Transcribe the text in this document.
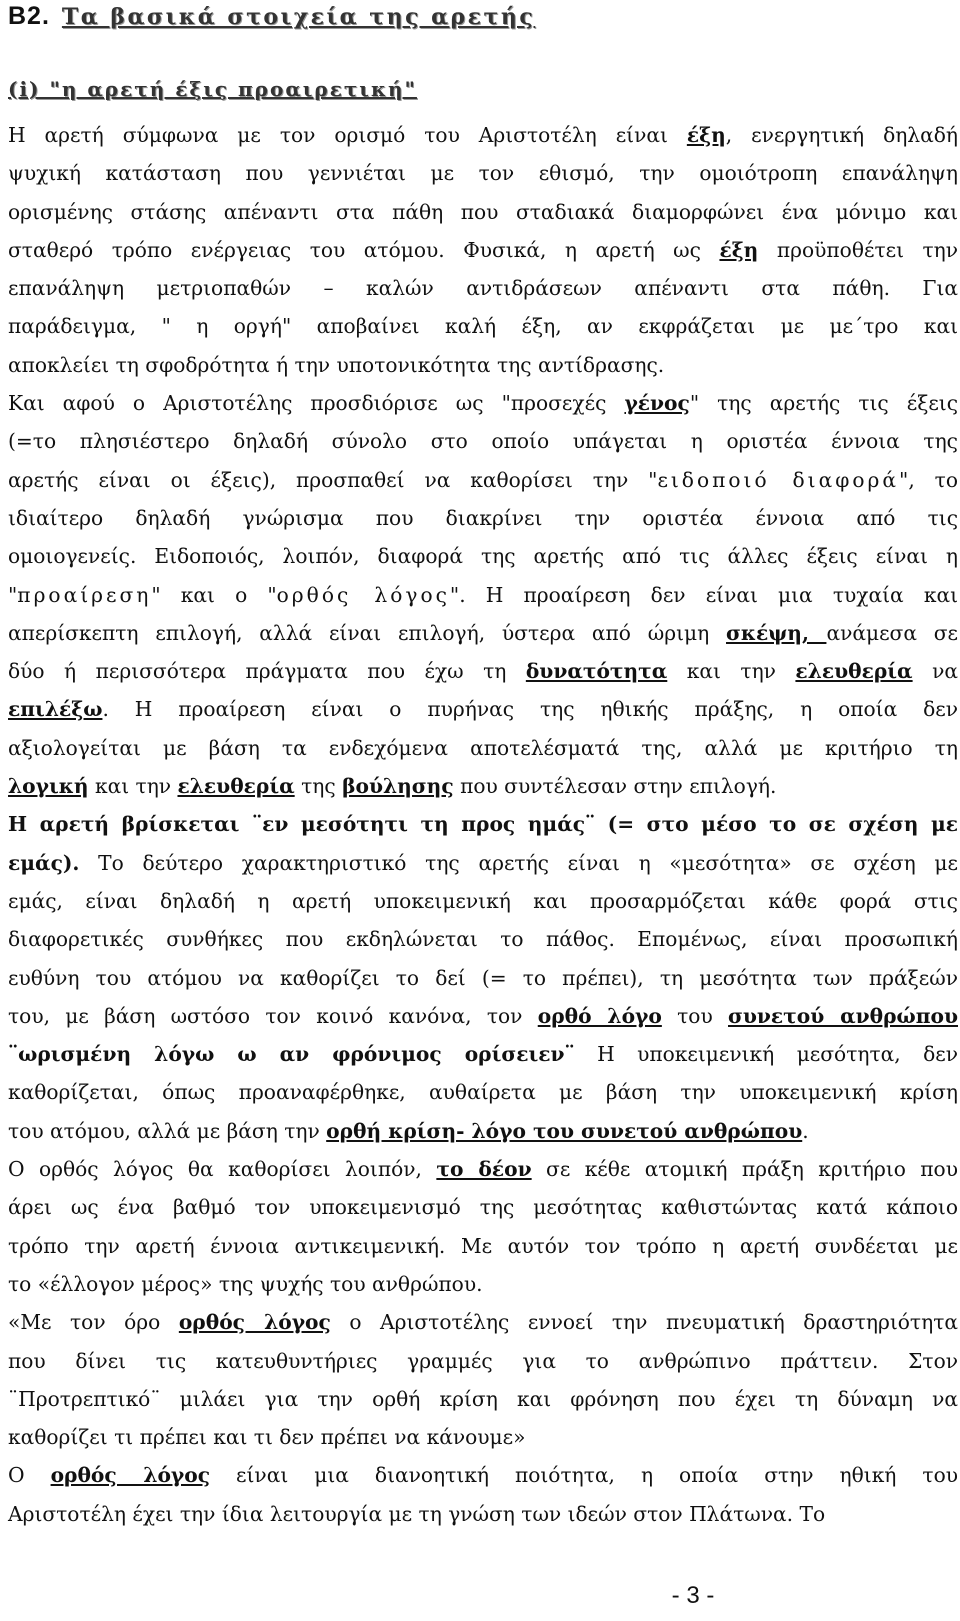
B2. Τα βασικά στοιχεία της αρετής
(i) "η αρετή έξις προαιρετική"
Η αρετή σύμφωνα με τον ορισμό του Αριστοτέλη είναι έξη, ενεργητική δηλαδή
ψυχική κατάσταση που γεννιέται με τον εθισμό, την ομοιότροπη επανάληψη
ορισμένης στάσης απέναντι στα πάθη που σταδιακά διαμορφώνει ένα μόνιμο και
σταθερό τρόπο ενέργειας του ατόμου. Φυσικά, η αρετή ως έξη προϋποθέτει την
επανάληψη μετριοπαθών – καλών αντιδράσεων απέναντι στα πάθη. Για
παράδειγμα, " η οργή" αποβαίνει καλή έξη, αν εκφράζεται με με΄τρο και
αποκλείει τη σφοδρότητα ή την υποτονικότητα της αντίδρασης.
Και αφού ο Αριστοτέλης προσδιόρισε ως "προσεχές γένος" της αρετής τις έξεις
(=το πλησιέστερο δηλαδή σύνολο στο οποίο υπάγεται η οριστέα έννοια της
αρετής είναι οι έξεις), προσπαθεί να καθορίσει την "ειδοποιό διαφορά", το
ιδιαίτερο δηλαδή γνώρισμα που διακρίνει την οριστέα έννοια από τις
ομοιογενείς. Ειδοποιός, λοιπόν, διαφορά της αρετής από τις άλλες έξεις είναι η
"προαίρεση" και ο "ορθός λόγος". Η προαίρεση δεν είναι μια τυχαία και
απερίσκεπτη επιλογή, αλλά είναι επιλογή, ύστερα από ώριμη σκέψη, ανάμεσα σε
δύο ή περισσότερα πράγματα που έχω τη δυνατότητα και την ελευθερία να
επιλέξω. Η προαίρεση είναι ο πυρήνας της ηθικής πράξης, η οποία δεν
αξιολογείται με βάση τα ενδεχόμενα αποτελέσματά της, αλλά με κριτήριο τη
λογική και την ελευθερία της βούλησης που συντέλεσαν στην επιλογή.
Η αρετή βρίσκεται ¨εν μεσότητι τη προς ημάς¨ (= στο μέσο το σε σχέση με
εμάς). Το δεύτερο χαρακτηριστικό της αρετής είναι η «μεσότητα» σε σχέση με
εμάς, είναι δηλαδή η αρετή υποκειμενική και προσαρμόζεται κάθε φορά στις
διαφορετικές συνθήκες που εκδηλώνεται το πάθος. Επομένως, είναι προσωπική
ευθύνη του ατόμου να καθορίζει το δεί (= το πρέπει), τη μεσότητα των πράξεών
του, με βάση ωστόσο τον κοινό κανόνα, τον ορθό λόγο του συνετού ανθρώπου
¨ωρισμένη λόγω ω αν φρόνιμος ορίσειεν¨ Η υποκειμενική μεσότητα, δεν
καθορίζεται, όπως προαναφέρθηκε, αυθαίρετα με βάση την υποκειμενική κρίση
του ατόμου, αλλά με βάση την ορθή κρίση- λόγο του συνετού ανθρώπου.
Ο ορθός λόγος θα καθορίσει λοιπόν, το δέον σε κέθε ατομική πράξη κριτήριο που
άρει ως ένα βαθμό τον υποκειμενισμό της μεσότητας καθιστώντας κατά κάποιο
τρόπο την αρετή έννοια αντικειμενική. Με αυτόν τον τρόπο η αρετή συνδέεται με
το «έλλογον μέρος» της ψυχής του ανθρώπου.
«Με τον όρο ορθός λόγος ο Αριστοτέλης εννοεί την πνευματική δραστηριότητα
που δίνει τις κατευθυντήριες γραμμές για το ανθρώπινο πράττειν. Στον
¨Προτρεπτικό¨ μιλάει για την ορθή κρίση και φρόνηση που έχει τη δύναμη να
καθορίζει τι πρέπει και τι δεν πρέπει να κάνουμε»
Ο ορθός λόγος είναι μια διανοητική ποιότητα, η οποία στην ηθική του
Αριστοτέλη έχει την ίδια λειτουργία με τη γνώση των ιδεών στον Πλάτωνα. Το
- 3 -
